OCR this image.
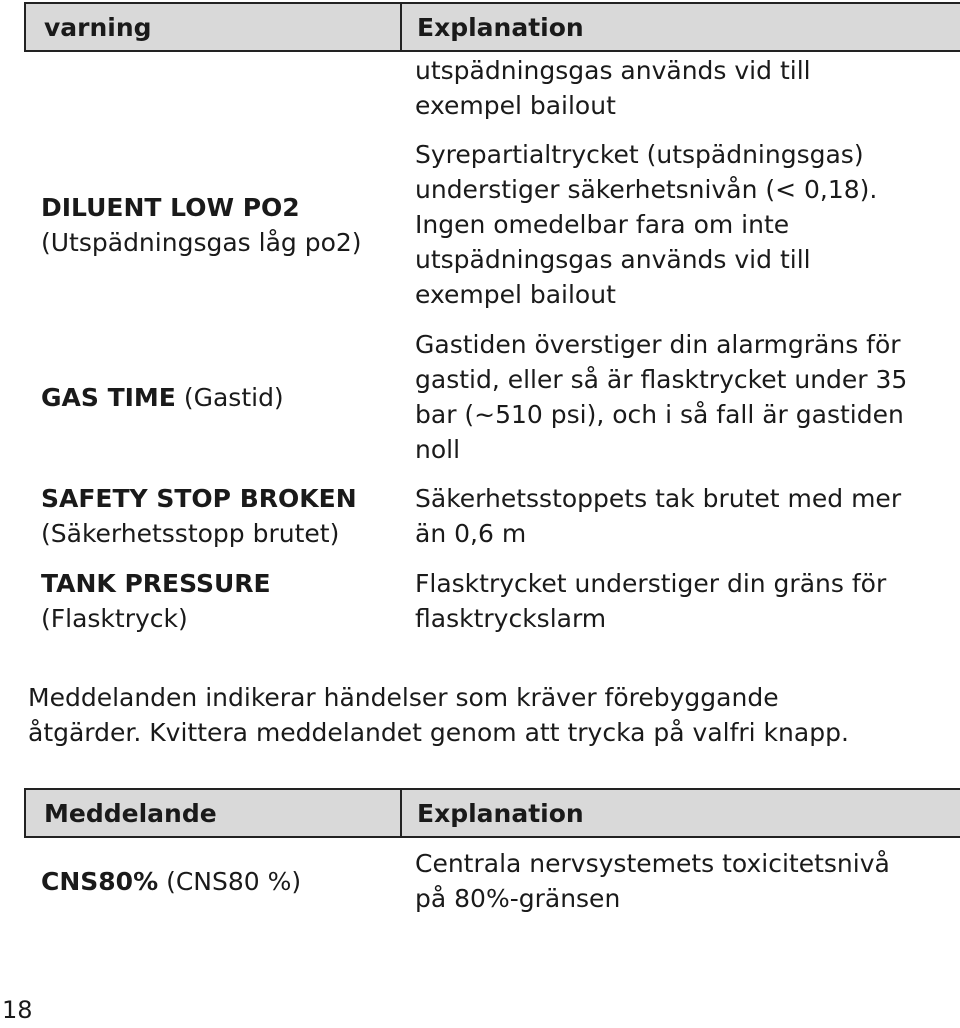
varning	Explanation
utspädningsgas används vid till
exempel bailout
DILUENT LOW PO2
(Utspädningsgas låg po2)
Syrepartialtrycket (utspädningsgas)
understiger säkerhetsnivån (< 0,18).
Ingen omedelbar fara om inte
utspädningsgas används vid till
exempel bailout
GAS TIME (Gastid)
Gastiden överstiger din alarmgräns för
gastid, eller så är flasktrycket under 35
bar (~510 psi), och i så fall är gastiden
noll
SAFETY STOP BROKEN
(Säkerhetsstopp brutet)
Säkerhetsstoppets tak brutet med mer
än 0,6 m
TANK PRESSURE
(Flasktryck)
Flasktrycket understiger din gräns för
flasktryckslarm
Meddelanden indikerar händelser som kräver förebyggande
åtgärder. Kvittera meddelandet genom att trycka på valfri knapp.
Meddelande	Explanation
CNS80% (CNS80 %)
Centrala nervsystemets toxicitetsnivå
på 80%-gränsen
18
